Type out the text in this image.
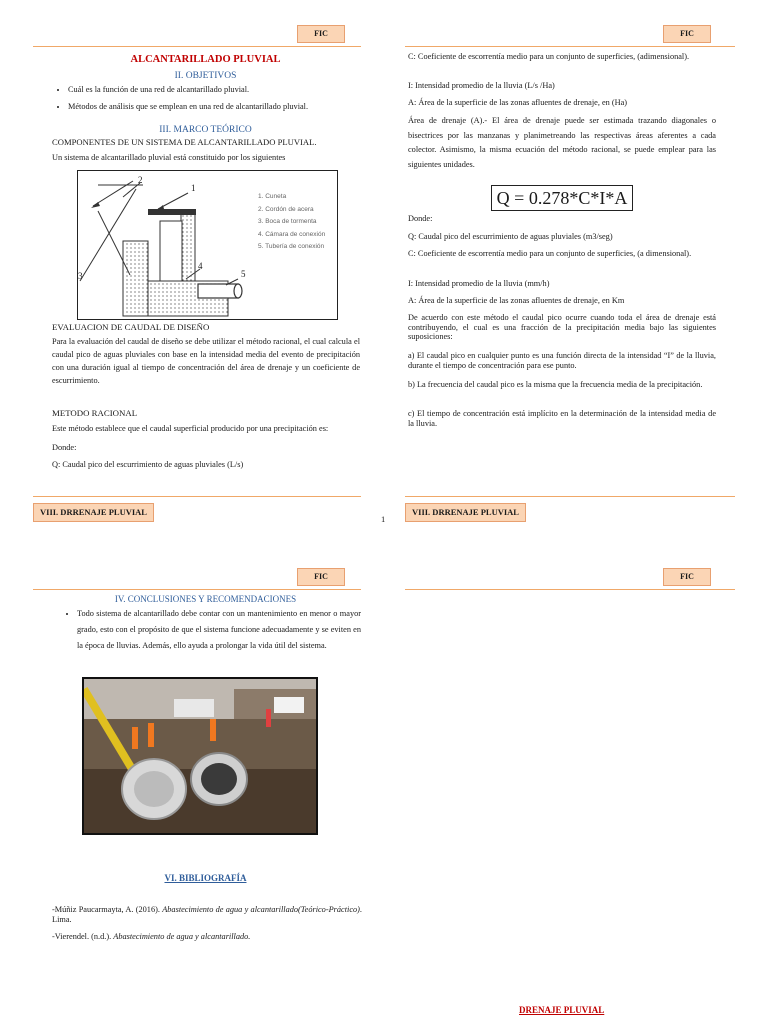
FIC
ALCANTARILLADO PLUVIAL
II. OBJETIVOS
• Cuál es la función de una red de alcantarillado pluvial.
• Métodos de análisis que se emplean en una red de alcantarillado pluvial.
III. MARCO TEÓRICO
COMPONENTES DE UN SISTEMA DE ALCANTARILLADO PLUVIAL.
Un sistema de alcantarillado pluvial está constituido por los siguientes
1
2
3
4
5
1. Cuneta
2. Cordón de acera
3. Boca de tormenta
4. Cámara de conexión
5. Tubería de conexión
EVALUACION DE CAUDAL DE DISEÑO
Para la evaluación del caudal de diseño se debe utilizar el método racional, el cual calcula el caudal pico de aguas pluviales con base en la intensidad media del evento de precipitación con una duración igual al tiempo de concentración del área de drenaje y un coeficiente de escurrimiento.
METODO RACIONAL
Este método establece que el caudal superficial producido por una precipitación es:
Donde:
Q: Caudal pico del escurrimiento de aguas pluviales (L/s)
VIII. DRRENAJE PLUVIAL
FIC
C: Coeficiente de escorrentía medio para un conjunto de superficies, (adimensional).
I: Intensidad promedio de la lluvia (L/s /Ha)
A: Área de la superficie de las zonas afluentes de drenaje, en (Ha)
Área de drenaje (A).- El área de drenaje puede ser estimada trazando diagonales o bisectrices por las manzanas y planimetreando las respectivas áreas aferentes a cada colector. Asimismo, la misma ecuación del método racional, se puede emplear para las siguientes unidades.
Q = 0.278*C*I*A
Donde:
Q: Caudal pico del escurrimiento de aguas pluviales (m3/seg)
C: Coeficiente de escorrentía medio para un conjunto de superficies, (a dimensional).
I: Intensidad promedio de la lluvia (mm/h)
A: Área de la superficie de las zonas afluentes de drenaje, en Km
De acuerdo con este método el caudal pico ocurre cuando toda el área de drenaje está contribuyendo, el cual es una fracción de la precipitación media bajo las siguientes suposiciones:
a) El caudal pico en cualquier punto es una función directa de la intensidad “I” de la lluvia, durante el tiempo de concentración para ese punto.
b) La frecuencia del caudal pico es la misma que la frecuencia media de la precipitación.
c) El tiempo de concentración está implícito en la determinación de la intensidad media de la lluvia.
VIII. DRRENAJE PLUVIAL
1
FIC
IV. CONCLUSIONES Y RECOMENDACIONES
• Todo sistema de alcantarillado debe contar con un mantenimiento en menor o mayor grado, esto con el propósito de que el sistema funcione adecuadamente y se eviten en la época de lluvias. Además, ello ayuda a prolongar la vida útil del sistema.
VI. BIBLIOGRAFÍA
-Múñiz Paucarmayta, A. (2016). Abastecimiento de agua y alcantarillado(Teórico-Práctico). Lima.
-Vierendel. (n.d.). Abastecimiento de agua y alcantarillado.
FIC
DRENAJE PLUVIAL
